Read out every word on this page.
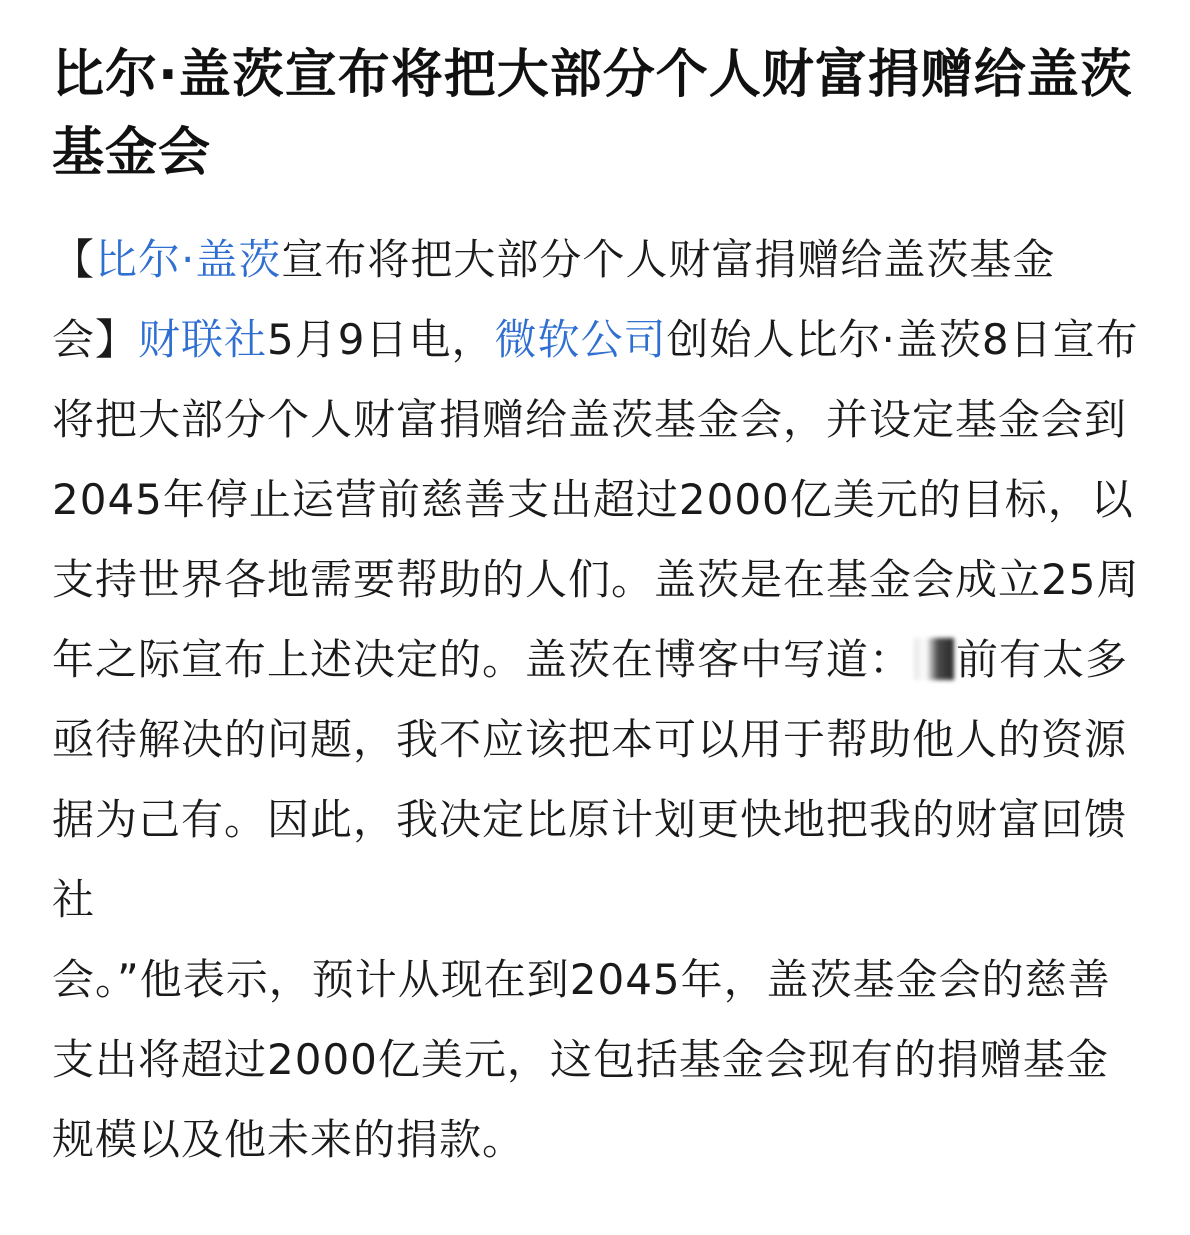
比尔·盖茨宣布将把大部分个人财富捐赠给盖茨基金会

【比尔·盖茨宣布将把大部分个人财富捐赠给盖茨基金会】财联社5月9日电，微软公司创始人比尔·盖茨8日宣布将把大部分个人财富捐赠给盖茨基金会，并设定基金会到2045年停止运营前慈善支出超过2000亿美元的目标，以支持世界各地需要帮助的人们。盖茨是在基金会成立25周年之际宣布上述决定的。盖茨在博客中写道： 前有太多亟待解决的问题，我不应该把本可以用于帮助他人的资源据为己有。因此，我决定比原计划更快地把我的财富回馈社
会。”他表示，预计从现在到2045年，盖茨基金会的慈善支出将超过2000亿美元，这包括基金会现有的捐赠基金规模以及他未来的捐款。
